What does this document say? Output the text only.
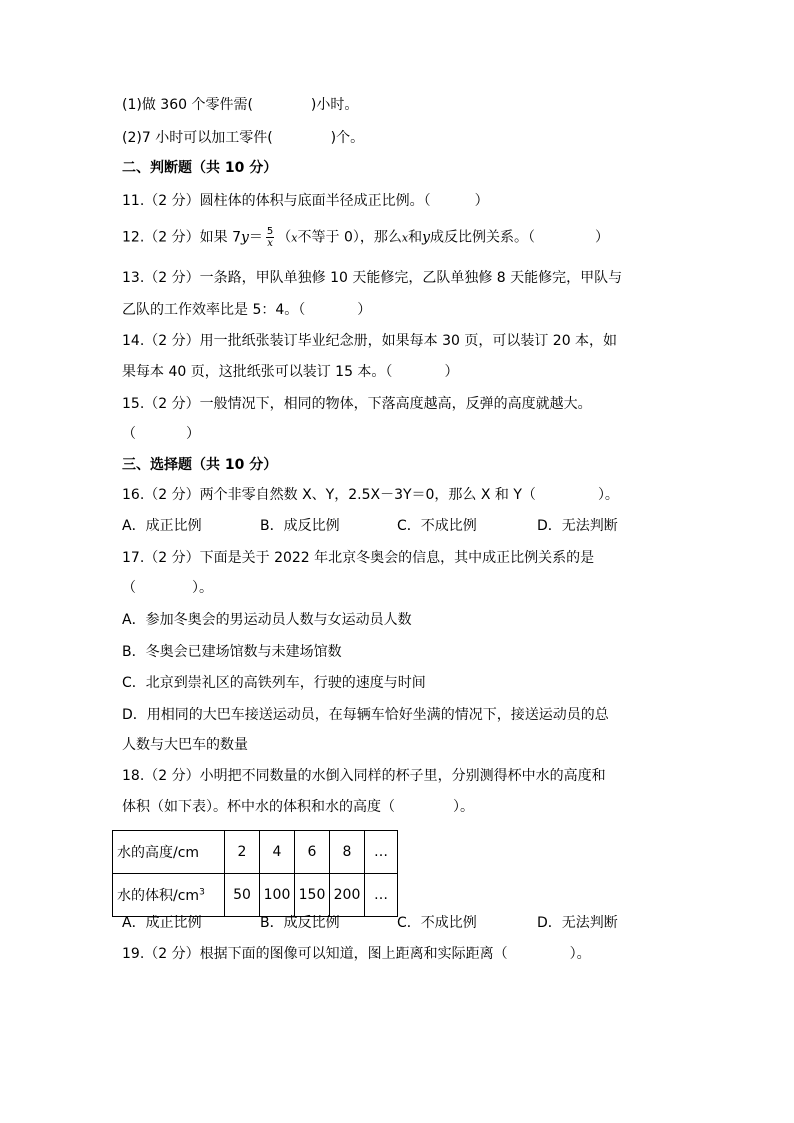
(1)做 360 个零件需(	)小时。
(2)7 小时可以加工零件(	)个。
二、判断题（共 10 分）
11.（2 分）圆柱体的体积与底面半径成正比例。（	）
12.（2 分）如果 $7y= \frac{5}{x} (x$不等于 0），那么x和y成反比例关系。（	）
13.（2 分）一条路，甲队单独修 10 天能修完，乙队单独修 8 天能修完，甲队与
乙队的工作效率比是 5：4。（	）
14.（2 分）用一批纸张装订毕业纪念册，如果每本 30 页，可以装订 20 本，如
果每本 40 页，这批纸张可以装订 15 本。（	）
15.（2 分）一般情况下，相同的物体，下落高度越高，反弹的高度就越大。
（	）
三、选择题（共 10 分）
16.（2 分）两个非零自然数 X、Y，2.5X－3Y＝0，那么 X 和 Y（	）。
A．成正比例	B．成反比例	C．不成比例	D．无法判断
17.（2 分）下面是关于 2022 年北京冬奥会的信息，其中成正比例关系的是
（	）。
A．参加冬奥会的男运动员人数与女运动员人数
B．冬奥会已建场馆数与未建场馆数
C．北京到崇礼区的高铁列车，行驶的速度与时间
D．用相同的大巴车接送运动员，在每辆车恰好坐满的情况下，接送运动员的总
人数与大巴车的数量
18.（2 分）小明把不同数量的水倒入同样的杯子里，分别测得杯中水的高度和
体积（如下表）。杯中水的体积和水的高度（	）。
水的高度/cm	2	4	6	8	…
水的体积$/cm^3$	50	100	150	200	…
A．成正比例	B．成反比例	C．不成比例	D．无法判断
19.（2 分）根据下面的图像可以知道，图上距离和实际距离（	）。
